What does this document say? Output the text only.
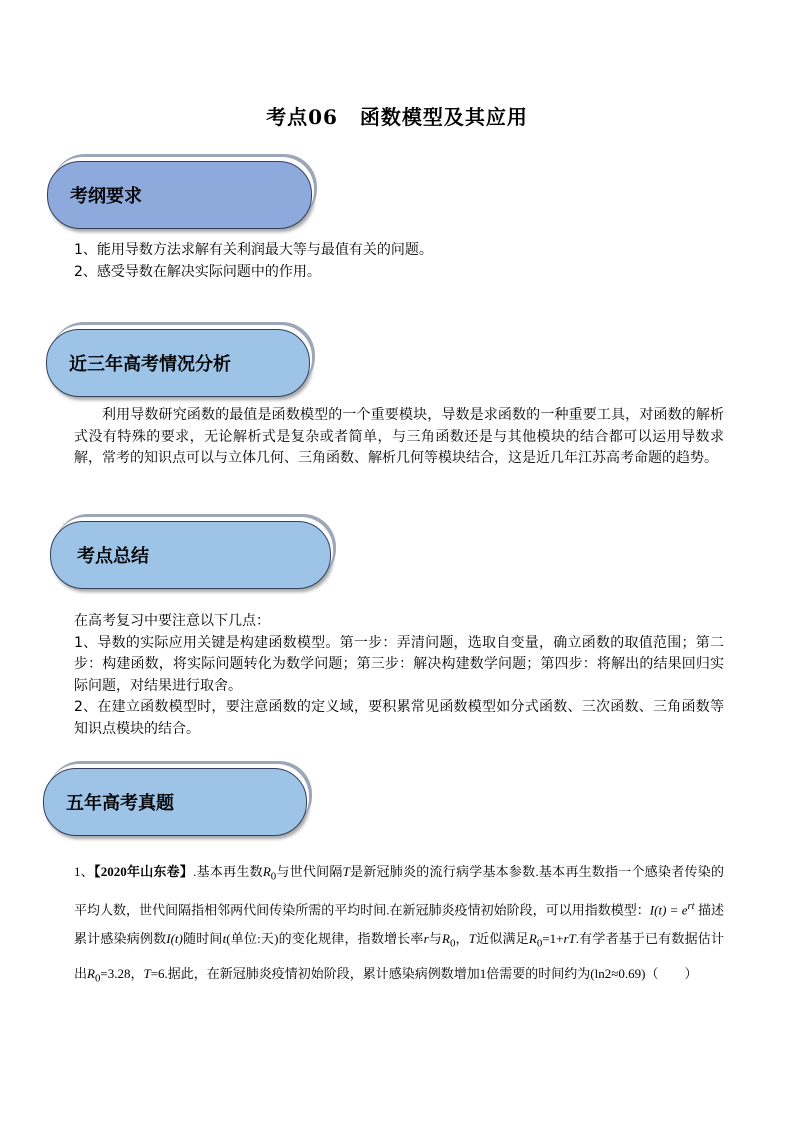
考点06 函数模型及其应用
考纲要求
1、能用导数方法求解有关利润最大等与最值有关的问题。
2、感受导数在解决实际问题中的作用。
近三年高考情况分析
利用导数研究函数的最值是函数模型的一个重要模块，导数是求函数的一种重要工具，对函数的解析式没有特殊的要求，无论解析式是复杂或者简单，与三角函数还是与其他模块的结合都可以运用导数求解，常考的知识点可以与立体几何、三角函数、解析几何等模块结合，这是近几年江苏高考命题的趋势。
考点总结
在高考复习中要注意以下几点：
1、导数的实际应用关键是构建函数模型。第一步：弄清问题，选取自变量，确立函数的取值范围；第二步：构建函数，将实际问题转化为数学问题；第三步：解决构建数学问题；第四步：将解出的结果回归实际问题，对结果进行取舍。
2、在建立函数模型时，要注意函数的定义域，要积累常见函数模型如分式函数、三次函数、三角函数等知识点模块的结合。
五年高考真题
1、【2020年山东卷】.基本再生数$R_0$与世代间隔T是新冠肺炎的流行病学基本参数.基本再生数指一个感染者传染的平均人数，世代间隔指相邻两代间传染所需的平均时间.在新冠肺炎疫情初始阶段，可以用指数模型：$I(t) = e^{rt}$ 描述累计感染病例数I(t)随时间t(单位:天)的变化规律，指数增长率r与$R_0$，T近似满足$R_0=1+rT$.有学者基于已有数据估计出$R_0=3.28$，T=6.据此，在新冠肺炎疫情初始阶段，累计感染病例数增加1倍需要的时间约为(ln2≈0.69)（　　）
